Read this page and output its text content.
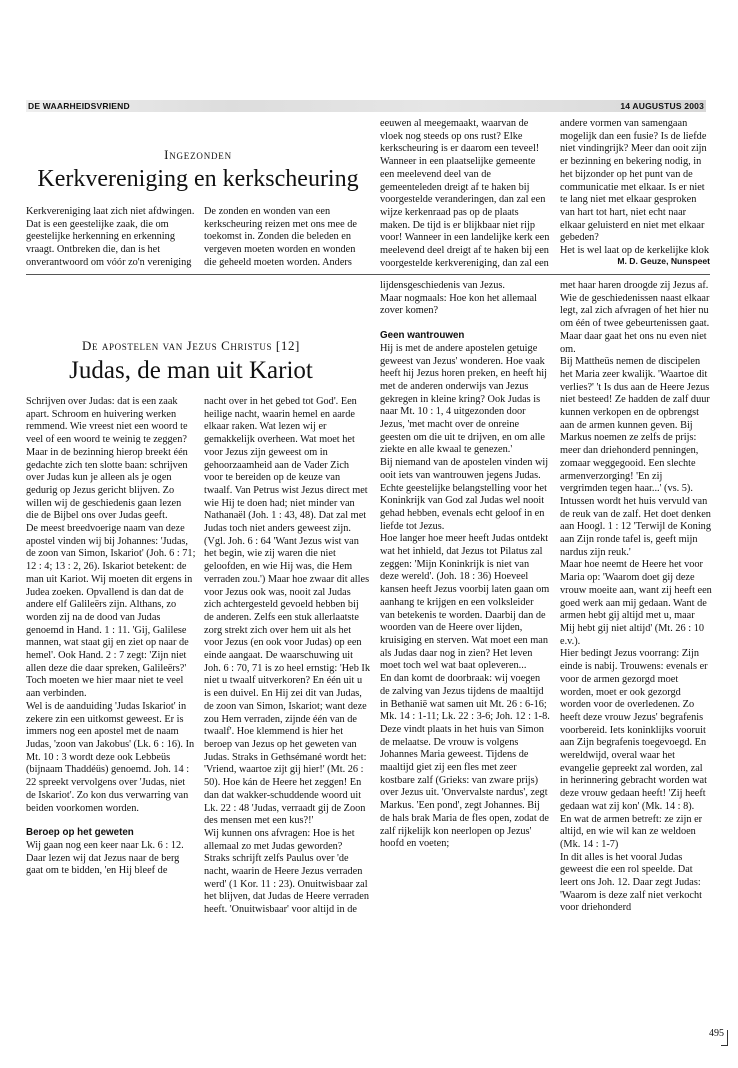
DE WAARHEIDSVRIEND	14 AUGUSTUS 2003
Ingezonden
Kerkvereniging en kerkscheuring

Kerkvereniging laat zich niet afdwingen. Dat is een geestelijke zaak, die om geestelijke herkenning en erkenning vraagt. Ontbreken die, dan is het onverantwoord om vóór zo'n vereniging

De zonden en wonden van een kerkscheuring reizen met ons mee de toekomst in. Zonden die beleden en vergeven moeten worden en wonden die geheeld moeten worden. Anders

eeuwen al meegemaakt, waarvan de vloek nog steeds op ons rust? Elke kerkscheuring is er daarom een teveel! Wanneer in een plaatselijke gemeente een meelevend deel van de gemeenteleden dreigt af te haken bij voorgestelde veranderingen, dan zal een wijze kerkenraad pas op de plaats maken. De tijd is er blijkbaar niet rijp voor! Wanneer in een landelijke kerk een meelevend deel dreigt af te haken bij een voorgestelde kerkvereniging, dan zal een

andere vormen van samengaan mogelijk dan een fusie? Is de liefde niet vindingrijk? Meer dan ooit zijn er bezinning en bekering nodig, in het bijzonder op het punt van de communicatie met elkaar. Is er niet te lang niet met elkaar gesproken van hart tot hart, niet echt naar elkaar geluisterd en niet met elkaar gebeden?

Het is wel laat op de kerkelijke klok

M. D. Geuze, Nunspeet
De apostelen van Jezus Christus [12]
Judas, de man uit Kariot

Schrijven over Judas: dat is een zaak apart. Schroom en huivering werken remmend. Wie vreest niet een woord te veel of een woord te weinig te zeggen?

Maar in de bezinning hierop breekt één gedachte zich ten slotte baan: schrijven over Judas kun je alleen als je ogen gedurig op Jezus gericht blijven. Zo willen wij de geschiedenis gaan lezen die de Bijbel ons over Judas geeft.

De meest breedvoerige naam van deze apostel vinden wij bij Johannes: 'Judas, de zoon van Simon, Iskariot' (Joh. 6 : 71; 12 : 4; 13 : 2, 26). Iskariot betekent: de man uit Kariot. Wij moeten dit ergens in Judea zoeken. Opvallend is dan dat de andere elf Galileërs zijn. Althans, zo worden zij na de dood van Judas genoemd in Hand. 1 : 11. 'Gij, Galilese mannen, wat staat gij en ziet op naar de hemel'. Ook Hand. 2 : 7 zegt: 'Zijn niet allen deze die daar spreken, Galileërs?' Toch moeten we hier maar niet te veel aan verbinden.

Wel is de aanduiding 'Judas Iskariot' in zekere zin een uitkomst geweest. Er is immers nog een apostel met de naam Judas, 'zoon van Jakobus' (Lk. 6 : 16). In Mt. 10 : 3 wordt deze ook Lebbeüs (bijnaam Thaddéüs) genoemd. Joh. 14 : 22 spreekt vervolgens over 'Judas, niet de Iskariot'. Zo kon dus verwarring van beiden voorkomen worden.

Beroep op het geweten

Wij gaan nog een keer naar Lk. 6 : 12. Daar lezen wij dat Jezus naar de berg gaat om te bidden, 'en Hij bleef de

nacht over in het gebed tot God'. Een heilige nacht, waarin hemel en aarde elkaar raken. Wat lezen wij er gemakkelijk overheen. Wat moet het voor Jezus zijn geweest om in gehoorzaamheid aan de Vader Zich voor te bereiden op de keuze van twaalf. Van Petrus wist Jezus direct met wie Hij te doen had; niet minder van Nathanaël (Joh. 1 : 43, 48). Dat zal met Judas toch niet anders geweest zijn. (Vgl. Joh. 6 : 64 'Want Jezus wist van het begin, wie zij waren die niet geloofden, en wie Hij was, die Hem verraden zou.') Maar hoe zwaar dit alles voor Jezus ook was, nooit zal Judas zich achtergesteld gevoeld hebben bij de anderen. Zelfs een stuk allerlaatste zorg strekt zich over hem uit als het voor Jezus (en ook voor Judas) op een einde aangaat. De waarschuwing uit Joh. 6 : 70, 71 is zo heel ernstig: 'Heb Ik niet u twaalf uitverkoren? En één uit u is een duivel. En Hij zei dit van Judas, de zoon van Simon, Iskariot; want deze zou Hem verraden, zijnde één van de twaalf'. Hoe klemmend is hier het beroep van Jezus op het geweten van Judas. Straks in Gethsémané wordt het: 'Vriend, waartoe zijt gij hier!' (Mt. 26 : 50). Hoe kán de Heere het zeggen! En dan dat wakker-schuddende woord uit Lk. 22 : 48 'Judas, verraadt gij de Zoon des mensen met een kus?!'

Wij kunnen ons afvragen: Hoe is het allemaal zo met Judas geworden? Straks schrijft zelfs Paulus over 'de nacht, waarin de Heere Jezus verraden werd' (1 Kor. 11 : 23). Onuitwisbaar zal het blijven, dat Judas de Heere verraden heeft. 'Onuitwisbaar' voor altijd in de

lijdensgeschiedenis van Jezus.

Maar nogmaals: Hoe kon het allemaal zover komen?

Geen wantrouwen

Hij is met de andere apostelen getuige geweest van Jezus' wonderen. Hoe vaak heeft hij Jezus horen preken, en heeft hij met de anderen onderwijs van Jezus gekregen in kleine kring? Ook Judas is naar Mt. 10 : 1, 4 uitgezonden door Jezus, 'met macht over de onreine geesten om die uit te drijven, en om alle ziekte en alle kwaal te genezen.'

Bij niemand van de apostelen vinden wij ooit iets van wantrouwen jegens Judas.

Echte geestelijke belangstelling voor het Koninkrijk van God zal Judas wel nooit gehad hebben, evenals echt geloof in en liefde tot Jezus.

Hoe langer hoe meer heeft Judas ontdekt wat het inhield, dat Jezus tot Pilatus zal zeggen: 'Mijn Koninkrijk is niet van deze wereld'. (Joh. 18 : 36) Hoeveel kansen heeft Jezus voorbij laten gaan om aanhang te krijgen en een volksleider van betekenis te worden. Daarbij dan de woorden van de Heere over lijden, kruisiging en sterven. Wat moet een man als Judas daar nog in zien? Het leven moet toch wel wat baat opleveren...

En dan komt de doorbraak: wij voegen de zalving van Jezus tijdens de maaltijd in Bethanië wat samen uit Mt. 26 : 6-16; Mk. 14 : 1-11; Lk. 22 : 3-6; Joh. 12 : 1-8. Deze vindt plaats in het huis van Simon de melaatse. De vrouw is volgens Johannes Maria geweest. Tijdens de maaltijd giet zij een fles met zeer kostbare zalf (Grieks: van zware prijs) over Jezus uit. 'Onvervalste nardus', zegt Markus. 'Een pond', zegt Johannes. Bij de hals brak Maria de fles open, zodat de zalf rijkelijk kon neerlopen op Jezus' hoofd en voeten;

met haar haren droogde zij Jezus af. Wie de geschiedenissen naast elkaar legt, zal zich afvragen of het hier nu om één of twee gebeurtenissen gaat. Maar daar gaat het ons nu even niet om.

Bij Mattheüs nemen de discipelen het Maria zeer kwalijk. 'Waartoe dit verlies?' 't Is dus aan de Heere Jezus niet besteed! Ze hadden de zalf duur kunnen verkopen en de opbrengst aan de armen kunnen geven. Bij Markus noemen ze zelfs de prijs: meer dan driehonderd penningen, zomaar weggegooid. Een slechte armenverzorging! 'En zij vergrimden tegen haar...' (vs. 5).

Intussen wordt het huis vervuld van de reuk van de zalf. Het doet denken aan Hoogl. 1 : 12 'Terwijl de Koning aan Zijn ronde tafel is, geeft mijn nardus zijn reuk.'

Maar hoe neemt de Heere het voor Maria op: 'Waarom doet gij deze vrouw moeite aan, want zij heeft een goed werk aan mij gedaan. Want de armen hebt gij altijd met u, maar Mij hebt gij niet altijd' (Mt. 26 : 10 e.v.).

Hier bedingt Jezus voorrang: Zijn einde is nabij. Trouwens: evenals er voor de armen gezorgd moet worden, moet er ook gezorgd worden voor de overledenen. Zo heeft deze vrouw Jezus' begrafenis voorbereid. Iets koninklijks vooruit aan Zijn begrafenis toegevoegd. En wereldwijd, overal waar het evangelie gepreekt zal worden, zal in herinnering gebracht worden wat deze vrouw gedaan heeft! 'Zij heeft gedaan wat zij kon' (Mk. 14 : 8).

En wat de armen betreft: ze zijn er altijd, en wie wil kan ze weldoen (Mk. 14 : 1-7)

In dit alles is het vooral Judas geweest die een rol speelde. Dat leert ons Joh. 12. Daar zegt Judas: 'Waarom is deze zalf niet verkocht voor driehonderd

495
